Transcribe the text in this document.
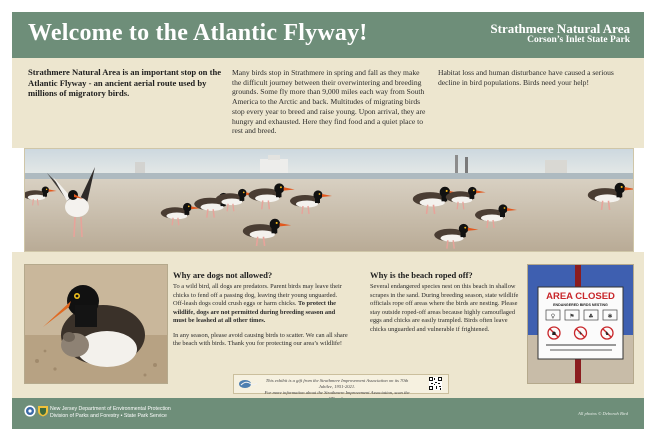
Welcome to the Atlantic Flyway!	Strathmere Natural Area
Corson’s Inlet State Park
Strathmere Natural Area is an important stop on the Atlantic Flyway - an ancient aerial route used by millions of migratory birds.
Many birds stop in Strathmere in spring and fall as they make the difficult journey between their overwintering and breeding grounds. Some fly more than 9,000 miles each way from South America to the Arctic and back. Multitudes of migrating birds stop every year to breed and raise young. Upon arrival, they are hungry and exhausted. Here they find food and a quiet place to rest and breed.
Habitat loss and human disturbance have caused a serious decline in bird populations. Birds need your help!
Why are dogs not allowed?

To a wild bird, all dogs are predators. Parent birds may leave their chicks to fend off a passing dog, leaving their young unguarded. Off-leash dogs could crush eggs or harm chicks. To protect the wildlife, dogs are not permitted during breeding season and must be leashed at all other times.

In any season, please avoid causing birds to scatter. We can all share the beach with birds. Thank you for protecting our area’s wildlife!

Why is the beach roped off?

Several endangered species nest on this beach in shallow scrapes in the sand. During breeding season, state wildlife officials rope off areas where the birds are nesting. Please stay outside roped-off areas because highly camouflaged eggs and chicks are easily trampled. Birds often leave chicks unguarded and vulnerable if frightened.

AREA CLOSED
ENDANGERED BIRDS NESTING
♀ ⚑ ♣ ✱
☗	✈	♞
This exhibit is a gift from the Strathmere Improvement Association on its 70th Jubilee, 1951-2021.
For more information about the Strathmere Improvement Association, scan the
New Jersey Department of Environmental Protection
Division of Parks and Forestry • State Park Service	All photos © Deborah Bird
